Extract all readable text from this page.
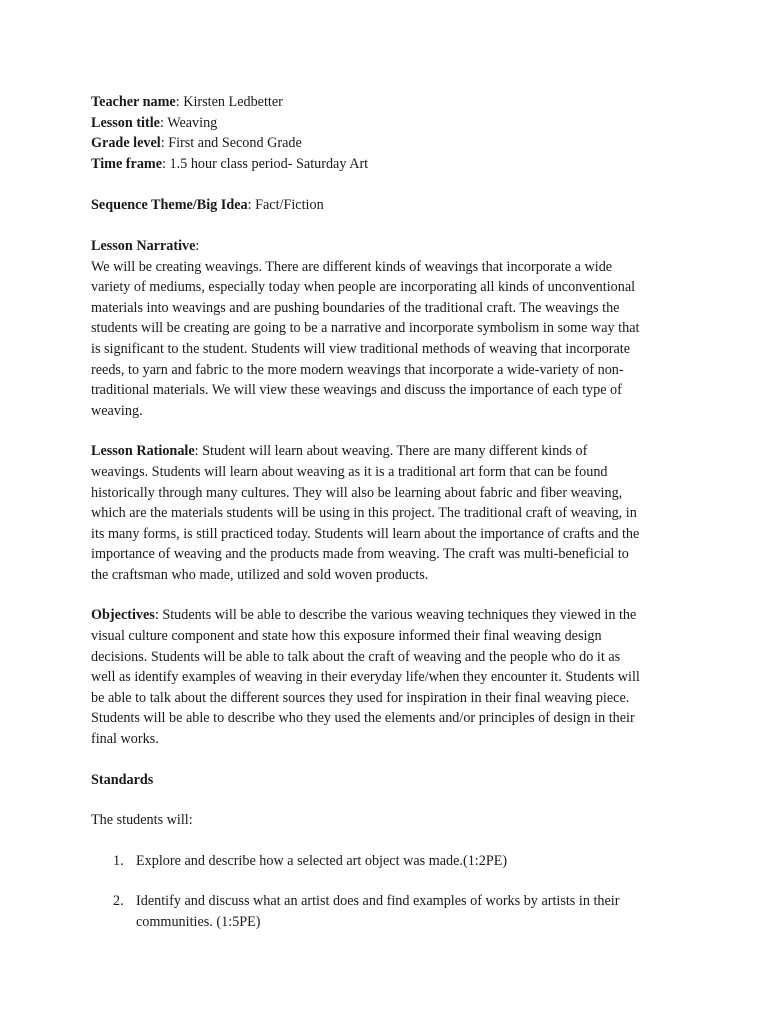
Teacher name: Kirsten Ledbetter
Lesson title: Weaving
Grade level: First and Second Grade
Time frame: 1.5 hour class period- Saturday Art
Sequence Theme/Big Idea: Fact/Fiction
Lesson Narrative:
We will be creating weavings. There are different kinds of weavings that incorporate a wide
variety of mediums, especially today when people are incorporating all kinds of unconventional
materials into weavings and are pushing boundaries of the traditional craft. The weavings the
students will be creating are going to be a narrative and incorporate symbolism in some way that
is significant to the student. Students will view traditional methods of weaving that incorporate
reeds, to yarn and fabric to the more modern weavings that incorporate a wide-variety of non-
traditional materials. We will view these weavings and discuss the importance of each type of
weaving.
Lesson Rationale: Student will learn about weaving. There are many different kinds of
weavings. Students will learn about weaving as it is a traditional art form that can be found
historically through many cultures. They will also be learning about fabric and fiber weaving,
which are the materials students will be using in this project. The traditional craft of weaving, in
its many forms, is still practiced today. Students will learn about the importance of crafts and the
importance of weaving and the products made from weaving. The craft was multi-beneficial to
the craftsman who made, utilized and sold woven products.
Objectives: Students will be able to describe the various weaving techniques they viewed in the
visual culture component and state how this exposure informed their final weaving design
decisions. Students will be able to talk about the craft of weaving and the people who do it as
well as identify examples of weaving in their everyday life/when they encounter it. Students will
be able to talk about the different sources they used for inspiration in their final weaving piece.
Students will be able to describe who they used the elements and/or principles of design in their
final works.
Standards
The students will:
1. Explore and describe how a selected art object was made.(1:2PE)
2. Identify and discuss what an artist does and find examples of works by artists in their
communities. (1:5PE)
